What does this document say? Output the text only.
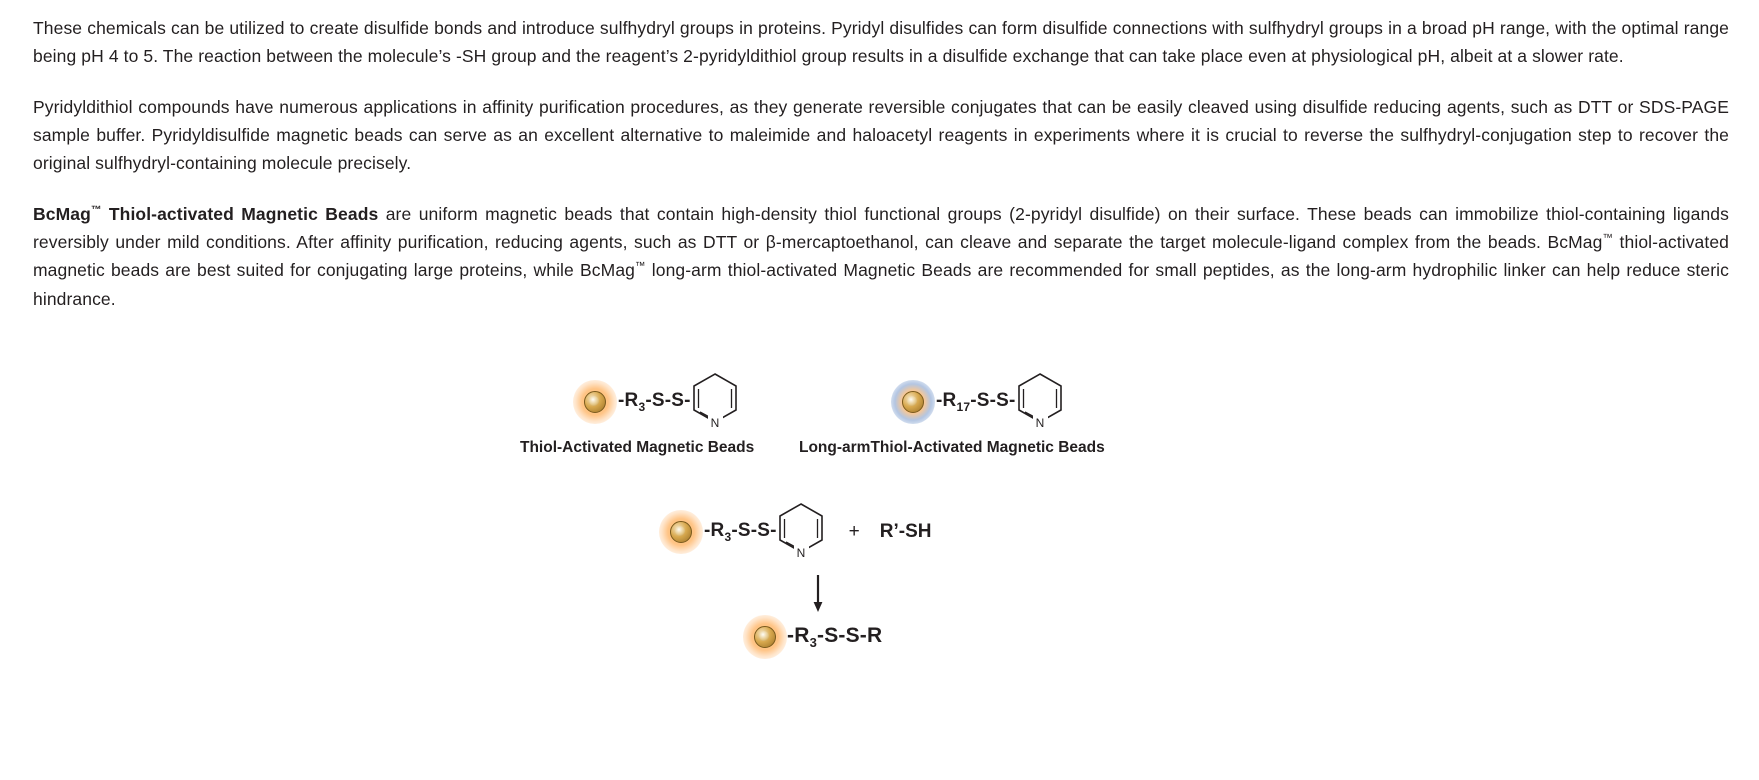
These chemicals can be utilized to create disulfide bonds and introduce sulfhydryl groups in proteins. Pyridyl disulfides can form disulfide connections with sulfhydryl groups in a broad pH range, with the optimal range being pH 4 to 5. The reaction between the molecule’s -SH group and the reagent’s 2-pyridyldithiol group results in a disulfide exchange that can take place even at physiological pH, albeit at a slower rate.

Pyridyldithiol compounds have numerous applications in affinity purification procedures, as they generate reversible conjugates that can be easily cleaved using disulfide reducing agents, such as DTT or SDS-PAGE sample buffer. Pyridyldisulfide magnetic beads can serve as an excellent alternative to maleimide and haloacetyl reagents in experiments where it is crucial to reverse the sulfhydryl-conjugation step to recover the original sulfhydryl-containing molecule precisely.

BcMag™ Thiol-activated Magnetic Beads are uniform magnetic beads that contain high-density thiol functional groups (2-pyridyl disulfide) on their surface. These beads can immobilize thiol-containing ligands reversibly under mild conditions. After affinity purification, reducing agents, such as DTT or β-mercaptoethanol, can cleave and separate the target molecule-ligand complex from the beads. BcMag™ thiol-activated magnetic beads are best suited for conjugating large proteins, while BcMag™ long-arm thiol-activated Magnetic Beads are recommended for small peptides, as the long-arm hydrophilic linker can help reduce steric hindrance.

$-R_3-S-S-$
N
Thiol-Activated Magnetic Beads
$-R_{17}-S-S-$
N
Long-armThiol-Activated Magnetic Beads
$-R_3-S-S-$
N
+ R’-SH
$-R_3-S-S-R$
